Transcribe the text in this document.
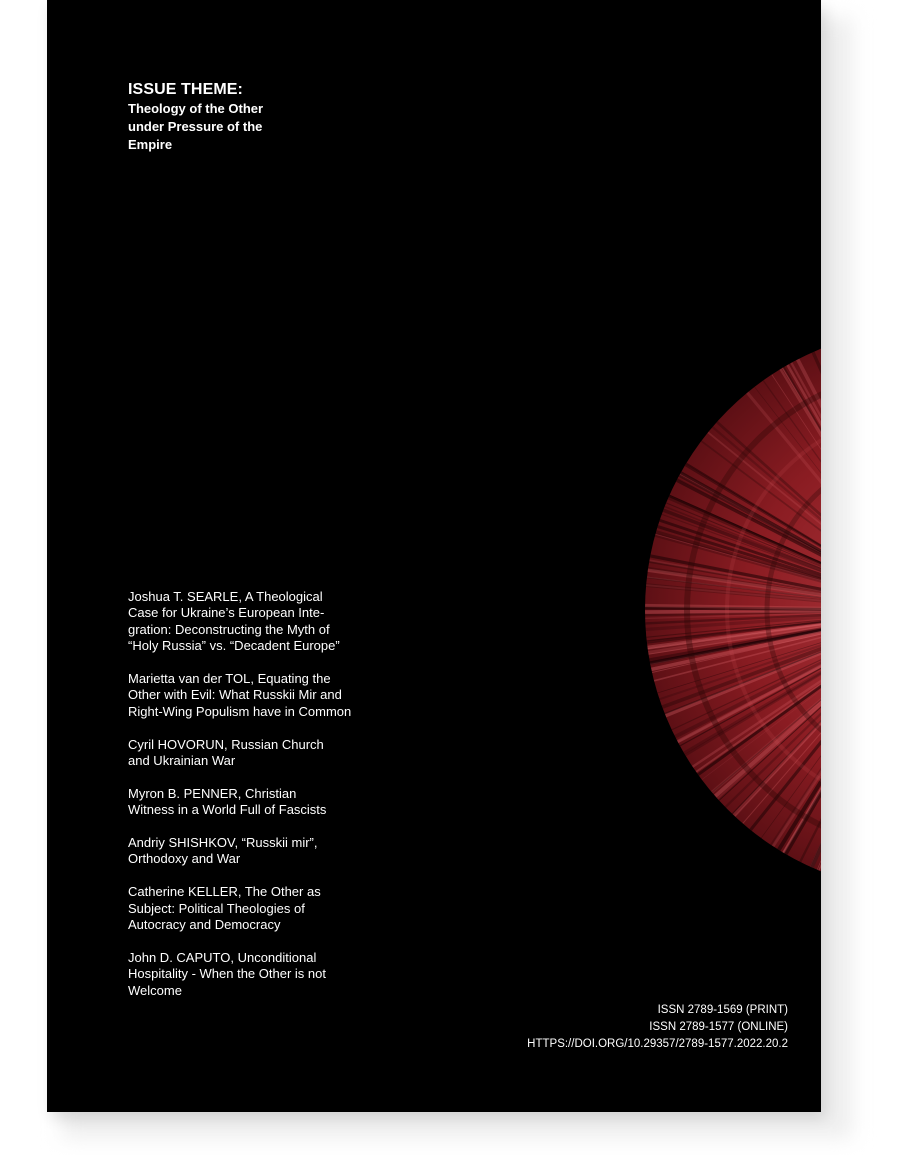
ISSUE THEME:
Theology of the Other under Pressure of the Empire
Joshua T. SEARLE, A Theological Case for Ukraine’s European Inte-gration: Deconstructing the Myth of “Holy Russia” vs. “Decadent Europe”
Marietta van der TOL, Equating the Other with Evil: What Russkii Mir and Right-Wing Populism have in Common
Cyril HOVORUN, Russian Church and Ukrainian War
Myron B. PENNER, Christian Witness in a World Full of Fascists
Andriy SHISHKOV, “Russkii mir”, Orthodoxy and War
Catherine KELLER, The Other as Subject: Political Theologies of Autocracy and Democracy
John D. CAPUTO, Unconditional Hospitality - When the Other is not Welcome
ISSN 2789-1569 (PRINT)
ISSN 2789-1577 (ONLINE)
HTTPS://DOI.ORG/10.29357/2789-1577.2022.20.2
